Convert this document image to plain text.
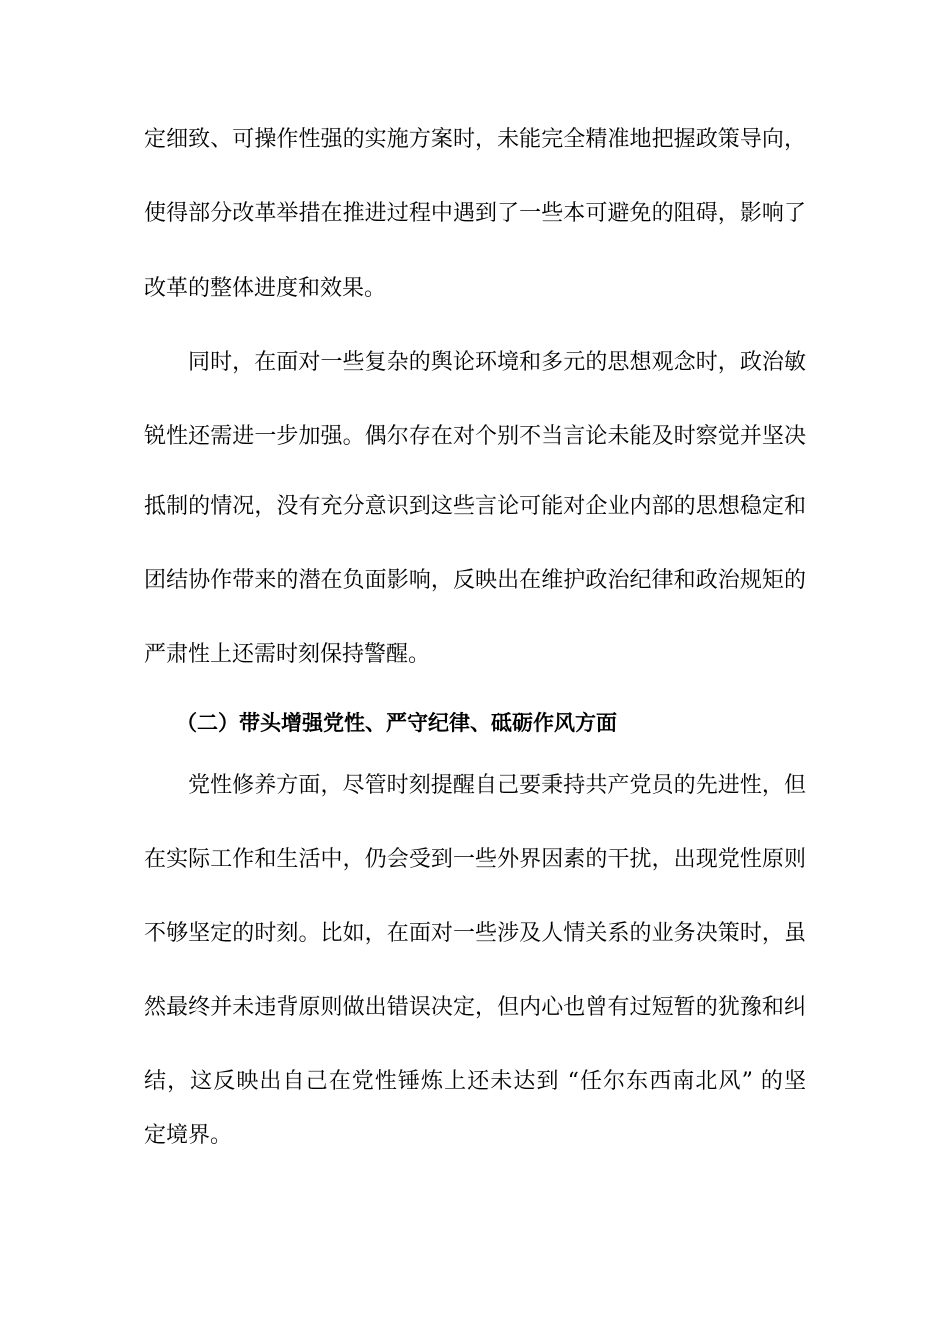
定细致、可操作性强的实施方案时，未能完全精准地把握政策导向，
使得部分改革举措在推进过程中遇到了一些本可避免的阻碍，影响了
改革的整体进度和效果。
同时，在面对一些复杂的舆论环境和多元的思想观念时，政治敏
锐性还需进一步加强。偶尔存在对个别不当言论未能及时察觉并坚决
抵制的情况，没有充分意识到这些言论可能对企业内部的思想稳定和
团结协作带来的潜在负面影响，反映出在维护政治纪律和政治规矩的
严肃性上还需时刻保持警醒。
（二）带头增强党性、严守纪律、砥砺作风方面
党性修养方面，尽管时刻提醒自己要秉持共产党员的先进性，但
在实际工作和生活中，仍会受到一些外界因素的干扰，出现党性原则
不够坚定的时刻。比如，在面对一些涉及人情关系的业务决策时，虽
然最终并未违背原则做出错误决定，但内心也曾有过短暂的犹豫和纠
结，这反映出自己在党性锤炼上还未达到 “任尔东西南北风” 的坚
定境界。
